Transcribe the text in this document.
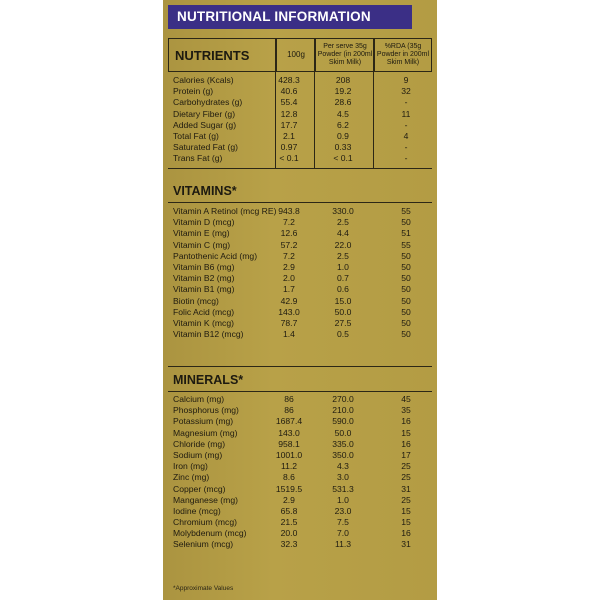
NUTRITIONAL INFORMATION
NUTRIENTS	100g
Per serve 35g Powder (in 200ml Skim Milk)
%RDA (35g Powder in 200ml Skim Milk)
Calories (Kcals)	428.3	208	9
Protein (g)	40.6	19.2	32
Carbohydrates (g)	55.4	28.6	-
Dietary Fiber (g)	12.8	4.5	11
Added Sugar (g)	17.7	6.2	-
Total Fat (g)	2.1	0.9	4
Saturated Fat (g)	0.97	0.33	-
Trans Fat (g)	< 0.1	< 0.1	-
VITAMINS*
Vitamin A Retinol (mcg RE) 943.8	330.0	55
Vitamin D (mcg)	7.2	2.5	50
Vitamin E (mg)	12.6	4.4	51
Vitamin C (mg)	57.2	22.0	55
Pantothenic Acid (mg)	7.2	2.5	50
Vitamin B6 (mg)	2.9	1.0	50
Vitamin B2 (mg)	2.0	0.7	50
Vitamin B1 (mg)	1.7	0.6	50
Biotin (mcg)	42.9	15.0	50
Folic Acid (mcg)	143.0	50.0	50
Vitamin K (mcg)	78.7	27.5	50
Vitamin B12 (mcg)	1.4	0.5	50
MINERALS*
Calcium (mg)	86	270.0	45
Phosphorus (mg)	86	210.0	35
Potassium (mg)	1687.4	590.0	16
Magnesium (mg)	143.0	50.0	15
Chloride (mg)	958.1	335.0	16
Sodium (mg)	1001.0	350.0	17
Iron (mg)	11.2	4.3	25
Zinc (mg)	8.6	3.0	25
Copper (mcg)	1519.5	531.3	31
Manganese (mg)	2.9	1.0	25
Iodine (mcg)	65.8	23.0	15
Chromium (mcg)	21.5	7.5	15
Molybdenum (mcg)	20.0	7.0	16
Selenium (mcg)	32.3	11.3	31
*Approximate Values
